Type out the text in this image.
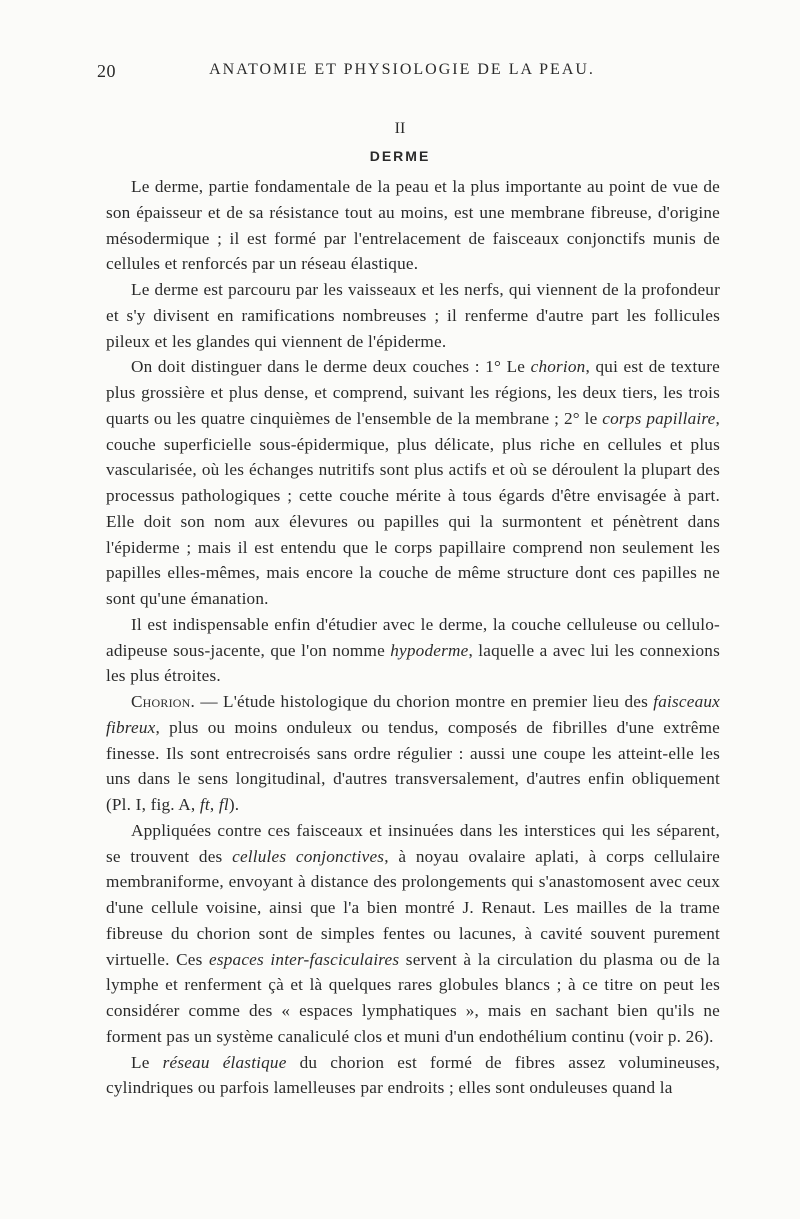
20	ANATOMIE ET PHYSIOLOGIE DE LA PEAU.
II
DERME

Le derme, partie fondamentale de la peau et la plus importante au point de vue de son épaisseur et de sa résistance tout au moins, est une membrane fibreuse, d'origine mésodermique ; il est formé par l'entrelacement de faisceaux conjonctifs munis de cellules et renforcés par un réseau élastique.

Le derme est parcouru par les vaisseaux et les nerfs, qui viennent de la profondeur et s'y divisent en ramifications nombreuses ; il renferme d'autre part les follicules pileux et les glandes qui viennent de l'épiderme.

On doit distinguer dans le derme deux couches : 1° Le chorion, qui est de texture plus grossière et plus dense, et comprend, suivant les régions, les deux tiers, les trois quarts ou les quatre cinquièmes de l'ensemble de la membrane ; 2° le corps papillaire, couche superficielle sous-épidermique, plus délicate, plus riche en cellules et plus vascularisée, où les échanges nutritifs sont plus actifs et où se déroulent la plupart des processus pathologiques ; cette couche mérite à tous égards d'être envisagée à part. Elle doit son nom aux élevures ou papilles qui la surmontent et pénètrent dans l'épiderme ; mais il est entendu que le corps papillaire comprend non seulement les papilles elles-mêmes, mais encore la couche de même structure dont ces papilles ne sont qu'une émanation.

Il est indispensable enfin d'étudier avec le derme, la couche celluleuse ou cellulo-adipeuse sous-jacente, que l'on nomme hypoderme, laquelle a avec lui les connexions les plus étroites.

Chorion. — L'étude histologique du chorion montre en premier lieu des faisceaux fibreux, plus ou moins onduleux ou tendus, composés de fibrilles d'une extrême finesse. Ils sont entrecroisés sans ordre régulier : aussi une coupe les atteint-elle les uns dans le sens longitudinal, d'autres transversalement, d'autres enfin obliquement (Pl. I, fig. A, ft, fl).

Appliquées contre ces faisceaux et insinuées dans les interstices qui les séparent, se trouvent des cellules conjonctives, à noyau ovalaire aplati, à corps cellulaire membraniforme, envoyant à distance des prolongements qui s'anastomosent avec ceux d'une cellule voisine, ainsi que l'a bien montré J. Renaut. Les mailles de la trame fibreuse du chorion sont de simples fentes ou lacunes, à cavité souvent purement virtuelle. Ces espaces inter-fasciculaires servent à la circulation du plasma ou de la lymphe et renferment çà et là quelques rares globules blancs ; à ce titre on peut les considérer comme des « espaces lymphatiques », mais en sachant bien qu'ils ne forment pas un système canaliculé clos et muni d'un endothélium continu (voir p. 26).

Le réseau élastique du chorion est formé de fibres assez volumineuses, cylindriques ou parfois lamelleuses par endroits ; elles sont onduleuses quand la
